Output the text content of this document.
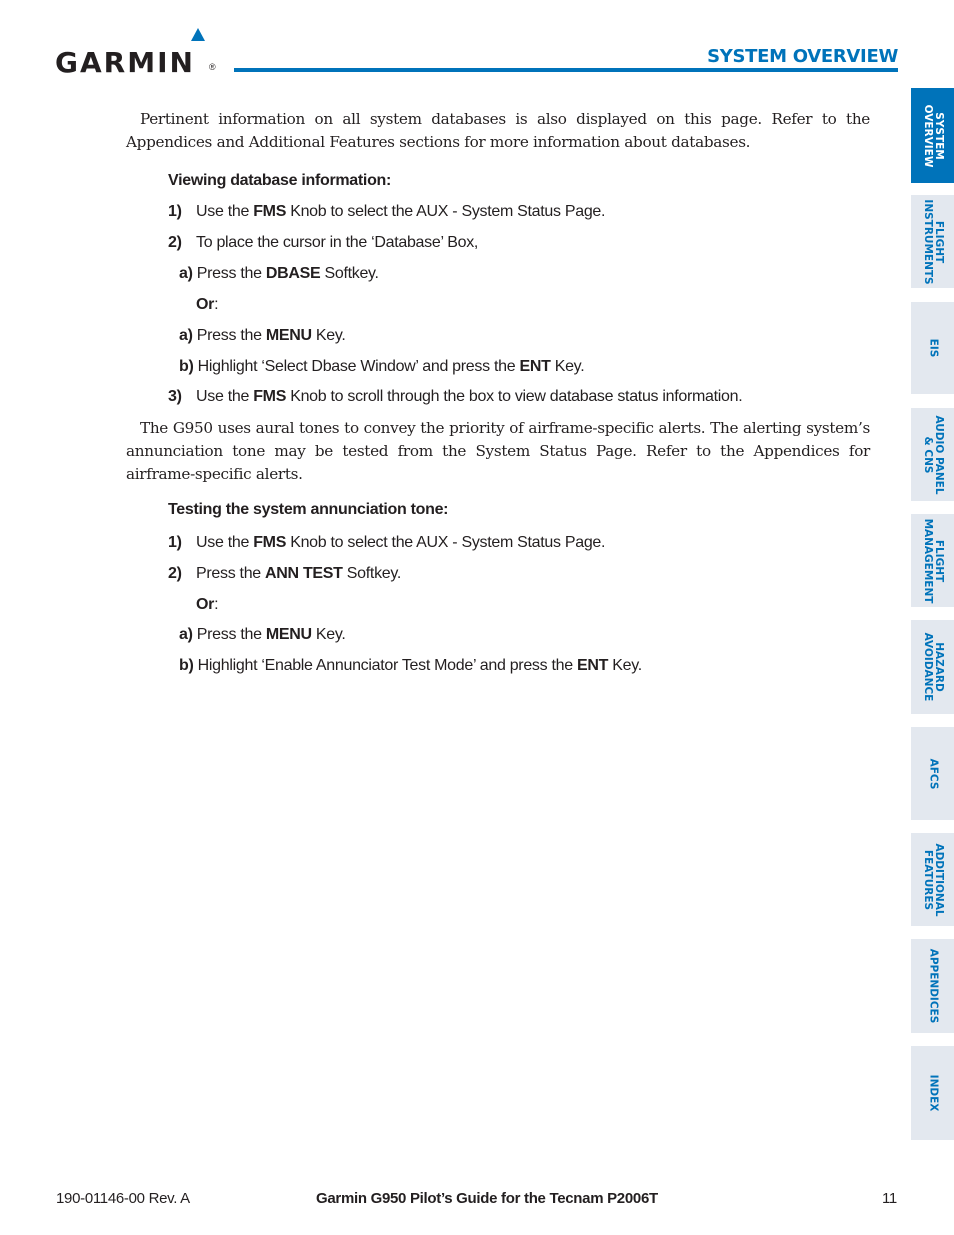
GARMIN ®	SYSTEM OVERVIEW

Pertinent information on all system databases is also displayed on this page. Refer to the Appendices and Additional Features sections for more information about databases.

Viewing database information:
1) Use the FMS Knob to select the AUX - System Status Page.
2) To place the cursor in the ‘Database’ Box,
a) Press the DBASE Softkey.
Or:
a) Press the MENU Key.
b) Highlight ‘Select Dbase Window’ and press the ENT Key.
3) Use the FMS Knob to scroll through the box to view database status information.

The G950 uses aural tones to convey the priority of airframe-specific alerts. The alerting system’s annunciation tone may be tested from the System Status Page. Refer to the Appendices for airframe-specific alerts.

Testing the system annunciation tone:
1) Use the FMS Knob to select the AUX - System Status Page.
2) Press the ANN TEST Softkey.
Or:
a) Press the MENU Key.
b) Highlight ‘Enable Annunciator Test Mode’ and press the ENT Key.
SYSTEM
OVERVIEW
FLIGHT
INSTRUMENTS
EIS
AUDIO PANEL
& CNS
FLIGHT
MANAGEMENT
HAZARD
AVOIDANCE
AFCS
ADDITIONAL
FEATURES
APPENDICES
INDEX
190-01146-00 Rev. A	Garmin G950 Pilot’s Guide for the Tecnam P2006T	11
